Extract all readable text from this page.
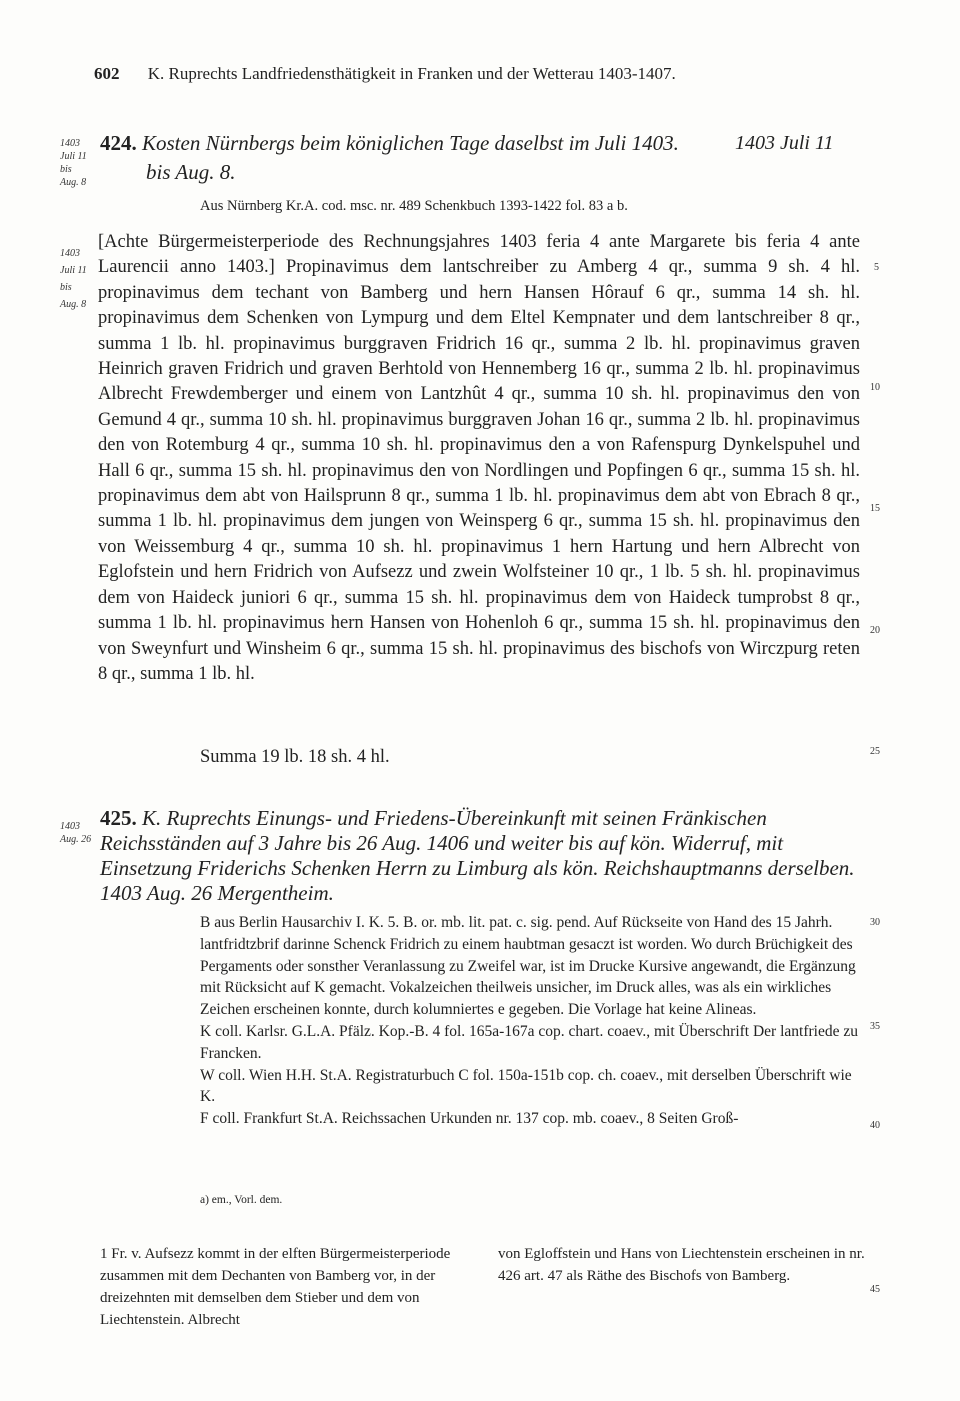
602 K. Ruprechts Landfriedensthätigkeit in Franken und der Wetterau 1403-1407.
1403
Juli 11
bis
Aug. 8
424. Kosten Nürnbergs beim königlichen Tage daselbst im Juli 1403.
bis Aug. 8.
1403 Juli 11
Aus Nürnberg Kr.A. cod. msc. nr. 489 Schenkbuch 1393-1422 fol. 83 a b.
1403
Juli 11
bis
Aug. 8
[Achte Bürgermeisterperiode des Rechnungsjahres 1403 feria 4 ante Margarete bis feria 4 ante Laurencii anno 1403.] Propinavimus dem lantschreiber zu Amberg 4 qr., summa 9 sh. 4 hl. propinavimus dem techant von Bamberg und hern Hansen Hôrauf 6 qr., summa 14 sh. hl. propinavimus dem Schenken von Lympurg und dem Eltel Kempnater und dem lantschreiber 8 qr., summa 1 lb. hl. propinavimus burggraven Fridrich 16 qr., summa 2 lb. hl. propinavimus graven Heinrich graven Fridrich und graven Berhtold von Hennemberg 16 qr., summa 2 lb. hl. propinavimus Albrecht Frewdemberger und einem von Lantzhût 4 qr., summa 10 sh. hl. propinavimus den von Gemund 4 qr., summa 10 sh. hl. propinavimus burggraven Johan 16 qr., summa 2 lb. hl. propinavimus den von Rotemburg 4 qr., summa 10 sh. hl. propinavimus den a von Rafenspurg Dynkelspuhel und Hall 6 qr., summa 15 sh. hl. propinavimus den von Nordlingen und Popfingen 6 qr., summa 15 sh. hl. propinavimus dem abt von Hailsprunn 8 qr., summa 1 lb. hl. propinavimus dem abt von Ebrach 8 qr., summa 1 lb. hl. propinavimus dem jungen von Weinsperg 6 qr., summa 15 sh. hl. propinavimus den von Weissemburg 4 qr., summa 10 sh. hl. propinavimus 1 hern Hartung und hern Albrecht von Eglofstein und hern Fridrich von Aufsezz und zwein Wolfsteiner 10 qr., 1 lb. 5 sh. hl. propinavimus dem von Haideck juniori 6 qr., summa 15 sh. hl. propinavimus dem von Haideck tumprobst 8 qr., summa 1 lb. hl. propinavimus hern Hansen von Hohenloh 6 qr., summa 15 sh. hl. propinavimus den von Sweynfurt und Winsheim 6 qr., summa 15 sh. hl. propinavimus des bischofs von Wirczpurg reten 8 qr., summa 1 lb. hl.
Summa 19 lb. 18 sh. 4 hl.
5
10
15
20
25
30
35
40
45
1403
Aug. 26
425. K. Ruprechts Einungs- und Friedens-Übereinkunft mit seinen Fränkischen Reichsständen auf 3 Jahre bis 26 Aug. 1406 und weiter bis auf kön. Widerruf, mit Einsetzung Friderichs Schenken Herrn zu Limburg als kön. Reichshauptmanns derselben. 1403 Aug. 26 Mergentheim.

B aus Berlin Hausarchiv I. K. 5. B. or. mb. lit. pat. c. sig. pend. Auf Rückseite von Hand des 15 Jahrh. lantfridtzbrif darinne Schenck Fridrich zu einem haubtman gesaczt ist worden. Wo durch Brüchigkeit des Pergaments oder sonsther Veranlassung zu Zweifel war, ist im Drucke Kursive angewandt, die Ergänzung mit Rücksicht auf K gemacht. Vokalzeichen theilweis unsicher, im Druck alles, was als ein wirkliches Zeichen erscheinen konnte, durch kolumniertes e gegeben. Die Vorlage hat keine Alineas.

K coll. Karlsr. G.L.A. Pfälz. Kop.-B. 4 fol. 165a-167a cop. chart. coaev., mit Überschrift Der lantfriede zu Francken.

W coll. Wien H.H. St.A. Registraturbuch C fol. 150a-151b cop. ch. coaev., mit derselben Überschrift wie K.

F coll. Frankfurt St.A. Reichssachen Urkunden nr. 137 cop. mb. coaev., 8 Seiten Groß-

a) em., Vorl. dem.
1 Fr. v. Aufsezz kommt in der elften Bürgermeisterperiode zusammen mit dem Dechanten von Bamberg vor, in der dreizehnten mit demselben dem Stieber und dem von Liechtenstein. Albrecht
von Egloffstein und Hans von Liechtenstein erscheinen in nr. 426 art. 47 als Räthe des Bischofs von Bamberg.
